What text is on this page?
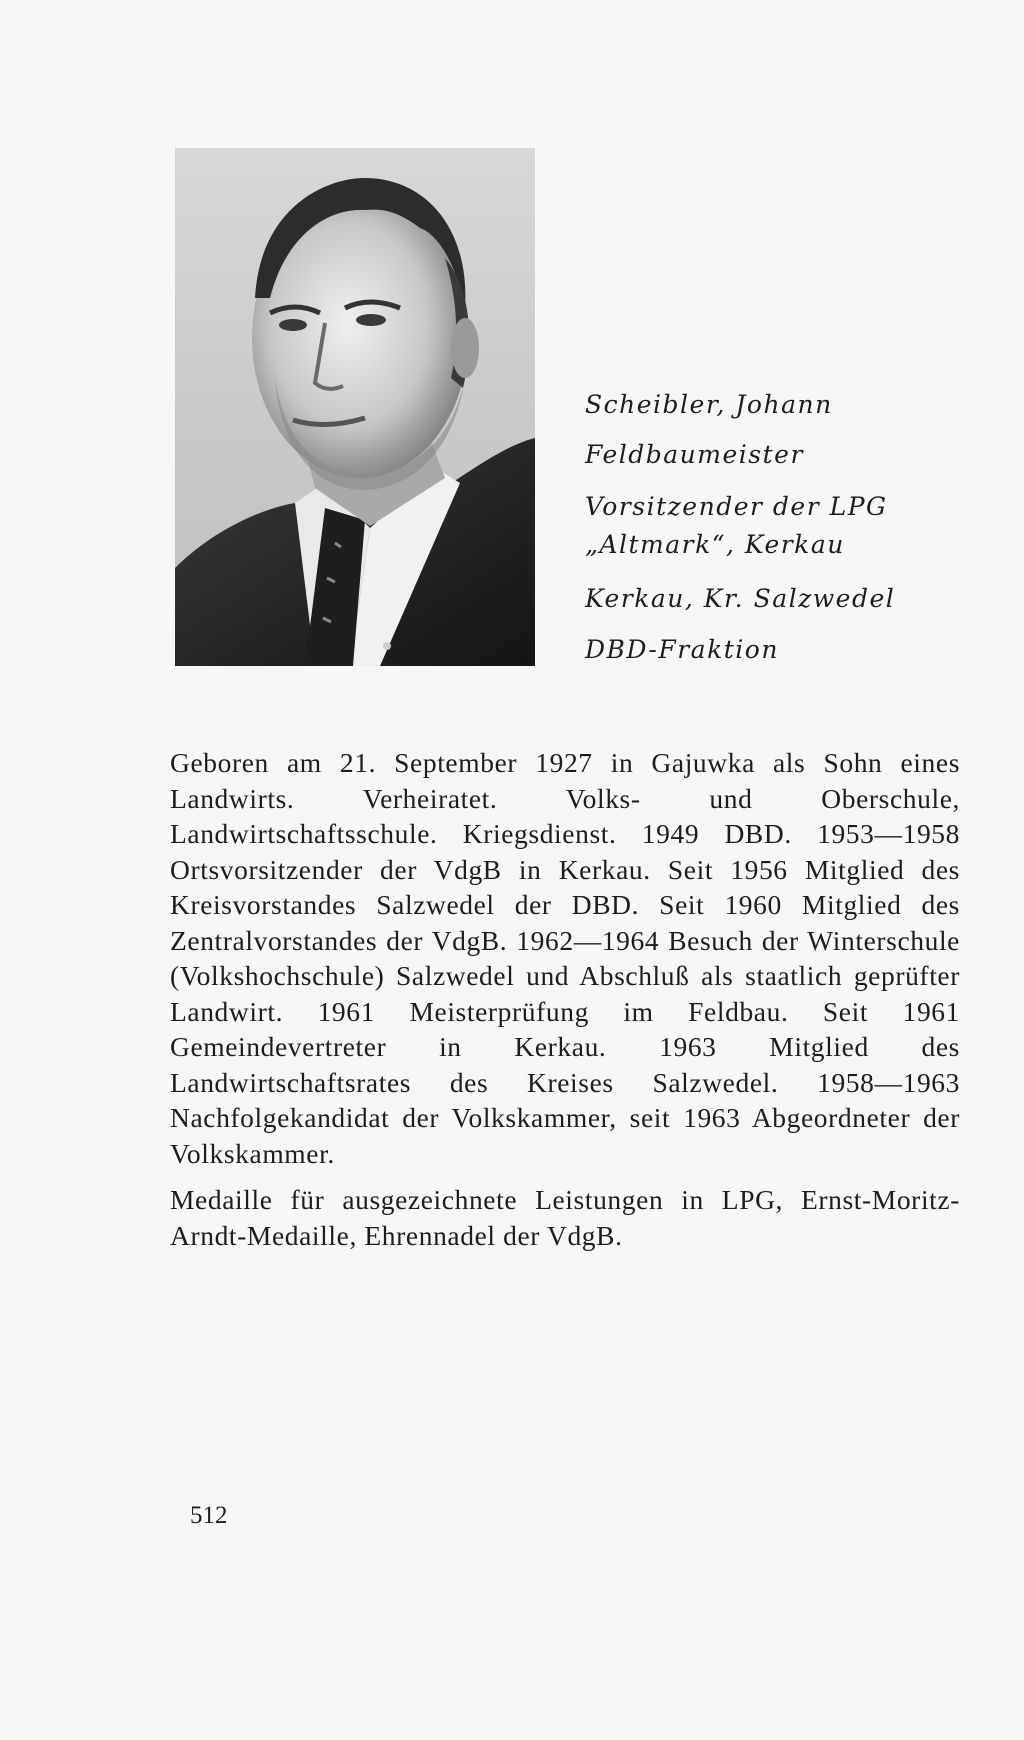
Scheibler, Johann
Feldbaumeister
Vorsitzender der LPG
„Altmark“, Kerkau
Kerkau, Kr. Salzwedel
DBD-Fraktion

Geboren am 21. September 1927 in Gajuwka als Sohn eines Landwirts. Verheiratet. Volks- und Oberschule, Landwirtschaftsschule. Kriegsdienst. 1949 DBD. 1953—1958 Ortsvorsitzender der VdgB in Kerkau. Seit 1956 Mitglied des Kreisvorstandes Salzwedel der DBD. Seit 1960 Mitglied des Zentralvorstandes der VdgB. 1962—1964 Besuch der Winterschule (Volkshochschule) Salzwedel und Abschluß als staatlich geprüfter Landwirt. 1961 Meisterprüfung im Feldbau. Seit 1961 Gemeindevertreter in Kerkau. 1963 Mitglied des Landwirtschaftsrates des Kreises Salzwedel. 1958—1963 Nachfolgekandidat der Volkskammer, seit 1963 Abgeordneter der Volkskammer.

Medaille für ausgezeichnete Leistungen in LPG, Ernst-Moritz-Arndt-Medaille, Ehrennadel der VdgB.

512
